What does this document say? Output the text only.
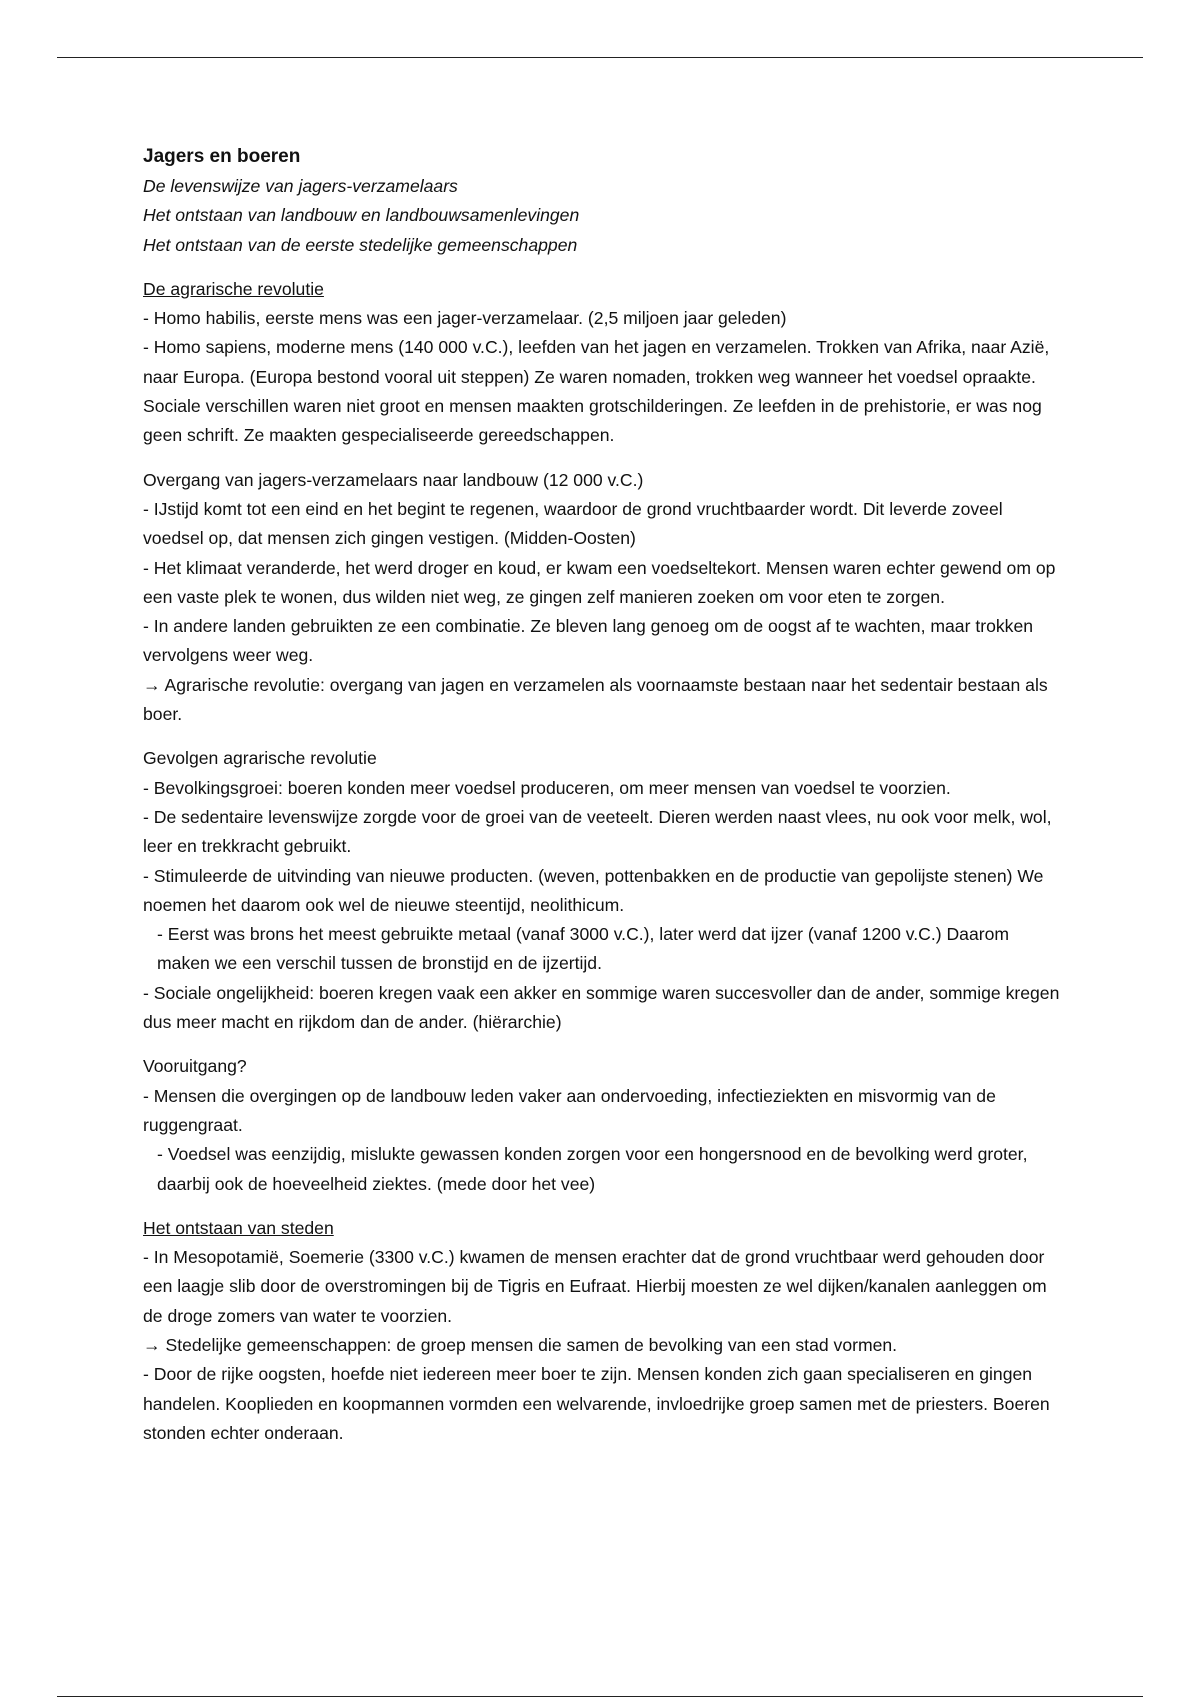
Jagers en boeren
De levenswijze van jagers-verzamelaars
Het ontstaan van landbouw en landbouwsamenlevingen
Het ontstaan van de eerste stedelijke gemeenschappen

De agrarische revolutie

- Homo habilis, eerste mens was een jager-verzamelaar. (2,5 miljoen jaar geleden)

- Homo sapiens, moderne mens (140 000 v.C.), leefden van het jagen en verzamelen. Trokken van Afrika, naar Azië, naar Europa. (Europa bestond vooral uit steppen) Ze waren nomaden, trokken weg wanneer het voedsel opraakte. Sociale verschillen waren niet groot en mensen maakten grotschilderingen. Ze leefden in de prehistorie, er was nog geen schrift. Ze maakten gespecialiseerde gereedschappen.

Overgang van jagers-verzamelaars naar landbouw (12 000 v.C.)

- IJstijd komt tot een eind en het begint te regenen, waardoor de grond vruchtbaarder wordt. Dit leverde zoveel voedsel op, dat mensen zich gingen vestigen. (Midden-Oosten)

- Het klimaat veranderde, het werd droger en koud, er kwam een voedseltekort. Mensen waren echter gewend om op een vaste plek te wonen, dus wilden niet weg, ze gingen zelf manieren zoeken om voor eten te zorgen.

- In andere landen gebruikten ze een combinatie. Ze bleven lang genoeg om de oogst af te wachten, maar trokken vervolgens weer weg.

→ Agrarische revolutie: overgang van jagen en verzamelen als voornaamste bestaan naar het sedentair bestaan als boer.

Gevolgen agrarische revolutie

- Bevolkingsgroei: boeren konden meer voedsel produceren, om meer mensen van voedsel te voorzien.

- De sedentaire levenswijze zorgde voor de groei van de veeteelt. Dieren werden naast vlees, nu ook voor melk, wol, leer en trekkracht gebruikt.

- Stimuleerde de uitvinding van nieuwe producten. (weven, pottenbakken en de productie van gepolijste stenen) We noemen het daarom ook wel de nieuwe steentijd, neolithicum.

- Eerst was brons het meest gebruikte metaal (vanaf 3000 v.C.), later werd dat ijzer (vanaf 1200 v.C.) Daarom maken we een verschil tussen de bronstijd en de ijzertijd.

- Sociale ongelijkheid: boeren kregen vaak een akker en sommige waren succesvoller dan de ander, sommige kregen dus meer macht en rijkdom dan de ander. (hiërarchie)

Vooruitgang?

- Mensen die overgingen op de landbouw leden vaker aan ondervoeding, infectieziekten en misvormig van de ruggengraat.

- Voedsel was eenzijdig, mislukte gewassen konden zorgen voor een hongersnood en de bevolking werd groter, daarbij ook de hoeveelheid ziektes. (mede door het vee)

Het ontstaan van steden

- In Mesopotamië, Soemerie (3300 v.C.) kwamen de mensen erachter dat de grond vruchtbaar werd gehouden door een laagje slib door de overstromingen bij de Tigris en Eufraat. Hierbij moesten ze wel dijken/kanalen aanleggen om de droge zomers van water te voorzien.

→ Stedelijke gemeenschappen: de groep mensen die samen de bevolking van een stad vormen.

- Door de rijke oogsten, hoefde niet iedereen meer boer te zijn. Mensen konden zich gaan specialiseren en gingen handelen. Kooplieden en koopmannen vormden een welvarende, invloedrijke groep samen met de priesters. Boeren stonden echter onderaan.
